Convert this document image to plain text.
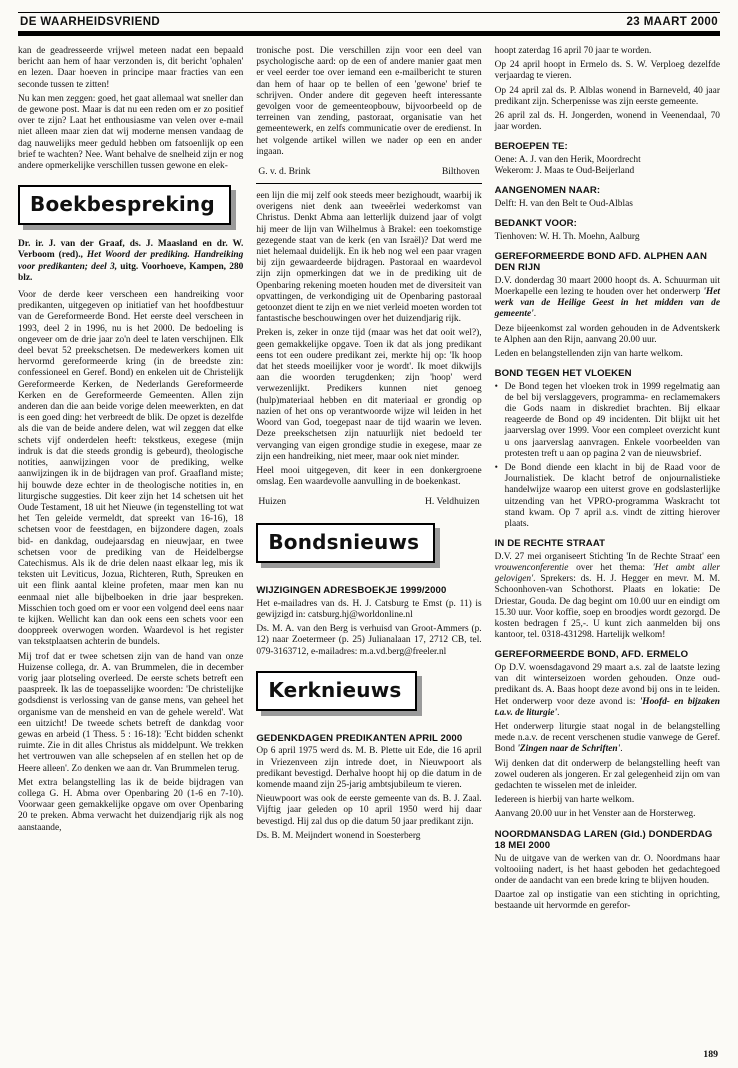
DE WAARHEIDSVRIEND	23 MAART 2000

kan de geadresseerde vrijwel meteen nadat een bepaald bericht aan hem of haar verzonden is, dit bericht 'ophalen' en lezen. Daar hoeven in principe maar fracties van een seconde tussen te zitten!

Nu kan men zeggen: goed, het gaat allemaal wat sneller dan de gewone post. Maar is dat nu een reden om er zo positief over te zijn? Laat het enthousiasme van velen over e-mail niet alleen maar zien dat wij moderne mensen vandaag de dag nauwelijks meer geduld hebben om fatsoenlijk op een brief te wachten? Nee. Want behalve de snelheid zijn er nog andere opmerkelijke verschillen tussen gewone en elek-

Boekbespreking

Dr. ir. J. van der Graaf, ds. J. Maasland en dr. W. Verboom (red)., Het Woord der prediking. Handreiking voor predikanten; deel 3, uitg. Voorhoeve, Kampen, 280 blz.

Voor de derde keer verscheen een handreiking voor predikanten, uitgegeven op initiatief van het hoofdbestuur van de Gereformeerde Bond. Het eerste deel verscheen in 1993, deel 2 in 1996, nu is het 2000. De bedoeling is ongeveer om de drie jaar zo'n deel te laten verschijnen. Elk deel bevat 52 preekschetsen. De medewerkers komen uit hervormd gereformeerde kring (in de breedste zin: confessioneel en Geref. Bond) en enkelen uit de Christelijk Gereformeerde Kerken, de Nederlands Gereformeerde Kerken en de Gereformeerde Gemeenten. Allen zijn anderen dan die aan beide vorige delen meewerkten, en dat is een goed ding: het verbreedt de blik. De opzet is dezelfde als die van de beide andere delen, wat wil zeggen dat elke schets vijf onderdelen heeft: tekstkeus, exegese (mijn indruk is dat die steeds grondig is gebeurd), theologische notities, aanwijzingen voor de prediking, welke aanwijzingen ik in de bijdragen van prof. Graafland miste; hij bouwde deze echter in de theologische notities in, en liturgische suggesties. Dit keer zijn het 14 schetsen uit het Oude Testament, 18 uit het Nieuwe (in tegenstelling tot wat het Ten geleide vermeldt, dat spreekt van 16-16), 18 schetsen voor de feestdagen, en bijzondere dagen, zoals bid- en dankdag, oudejaarsdag en nieuwjaar, en twee schetsen voor de prediking van de Heidelbergse Catechismus. Als ik de drie delen naast elkaar leg, mis ik teksten uit Leviticus, Jozua, Richteren, Ruth, Spreuken en uit een flink aantal kleine profeten, maar men kan nu eenmaal niet alle bijbelboeken in drie jaar bespreken. Misschien toch goed om er voor een volgend deel eens naar te kijken. Wellicht kan dan ook eens een schets voor een dooppreek overwogen worden. Waardevol is het register van tekstplaatsen achterin de bundels.

Mij trof dat er twee schetsen zijn van de hand van onze Huizense collega, dr. A. van Brummelen, die in december vorig jaar plotseling overleed. De eerste schets betreft een paaspreek. Ik las de toepasselijke woorden: 'De christelijke godsdienst is verlossing van de ganse mens, van geheel het organisme van de mensheid en van de gehele wereld'. Wat een uitzicht! De tweede schets betreft de dankdag voor gewas en arbeid (1 Thess. 5 : 16-18): 'Echt bidden schenkt ruimte. Zie in dit alles Christus als middelpunt. We trekken het vertrouwen van alle schepselen af en stellen het op de Heere alleen'. Zo denken we aan dr. Van Brummelen terug.

Met extra belangstelling las ik de beide bijdragen van collega G. H. Abma over Openbaring 20 (1-6 en 7-10). Voorwaar geen gemakkelijke opgave om over Openbaring 20 te preken. Abma verwacht het duizendjarig rijk als nog aanstaande,

tronische post. Die verschillen zijn voor een deel van psychologische aard: op de een of andere manier gaat men er veel eerder toe over iemand een e-mailbericht te sturen dan hem of haar op te bellen of een 'gewone' brief te schrijven. Onder andere dit gegeven heeft interessante gevolgen voor de gemeenteopbouw, bijvoorbeeld op de terreinen van zending, pastoraat, organisatie van het gemeentewerk, en zelfs communicatie over de eredienst. In het volgende artikel willen we nader op een en ander ingaan.

G. v. d. Brink	Bilthoven

een lijn die mij zelf ook steeds meer bezighoudt, waarbij ik overigens niet denk aan tweeërlei wederkomst van Christus. Denkt Abma aan letterlijk duizend jaar of volgt hij meer de lijn van Wilhelmus à Brakel: een toekomstige gezegende staat van de kerk (en van Israël)? Dat werd me niet helemaal duidelijk. En ik heb nog wel een paar vragen bij zijn gewaardeerde bijdragen. Pastoraal en waardevol zijn zijn opmerkingen dat we in de prediking uit de Openbaring rekening moeten houden met de diversiteit van opvattingen, de verkondiging uit de Openbaring pastoraal getoonzet dient te zijn en we niet verleid moeten worden tot fantastische beschouwingen over het duizendjarig rijk.

Preken is, zeker in onze tijd (maar was het dat ooit wel?), geen gemakkelijke opgave. Toen ik dat als jong predikant eens tot een oudere predikant zei, merkte hij op: 'Ik hoop dat het steeds moeilijker voor je wordt'. Ik moet dikwijls aan die woorden terugdenken; zijn 'hoop' werd verwezenlijkt. Predikers kunnen niet genoeg (hulp)materiaal hebben en dit materiaal er grondig op nazien of het ons op verantwoorde wijze wil leiden in het Woord van God, toegepast naar de tijd waarin we leven. Deze preekschetsen zijn natuurlijk niet bedoeld ter vervanging van eigen grondige studie in exegese, maar ze zijn een handreiking, niet meer, maar ook niet minder.

Heel mooi uitgegeven, dit keer in een donkergroene omslag. Een waardevolle aanvulling in de boekenkast.

Huizen	H. Veldhuizen
Bondsnieuws
WIJZIGINGEN ADRESBOEKJE 1999/2000

Het e-mailadres van ds. H. J. Catsburg te Emst (p. 11) is gewijzigd in: catsburg.hj@worldonline.nl

Ds. M. A. van den Berg is verhuisd van Groot-Ammers (p. 12) naar Zoetermeer (p. 25) Julianalaan 17, 2712 CB, tel. 079-3163712, e-mailadres: m.a.vd.berg@freeler.nl

Kerknieuws
GEDENKDAGEN PREDIKANTEN APRIL 2000

Op 6 april 1975 werd ds. M. B. Plette uit Ede, die 16 april in Vriezenveen zijn intrede doet, in Nieuwpoort als predikant bevestigd. Derhalve hoopt hij op die datum in de komende maand zijn 25-jarig ambtsjubileum te vieren.

Nieuwpoort was ook de eerste gemeente van ds. B. J. Zaal. Vijftig jaar geleden op 10 april 1950 werd hij daar bevestigd. Hij zal dus op die datum 50 jaar predikant zijn.

Ds. B. M. Meijndert wonend in Soesterberg

hoopt zaterdag 16 april 70 jaar te worden.

Op 24 april hoopt in Ermelo ds. S. W. Verploeg dezelfde verjaardag te vieren.

Op 24 april zal ds. P. Alblas wonend in Barneveld, 40 jaar predikant zijn. Scherpenisse was zijn eerste gemeente.

26 april zal ds. H. Jongerden, wonend in Veenendaal, 70 jaar worden.

BEROEPEN TE:
Oene: A. J. van den Herik, Moordrecht
Wekerom: J. Maas te Oud-Beijerland
AANGENOMEN NAAR:
Delft: H. van den Belt te Oud-Alblas
BEDANKT VOOR:
Tienhoven: W. H. Th. Moehn, Aalburg
GEREFORMEERDE BOND AFD. ALPHEN AAN DEN RIJN

D.V. donderdag 30 maart 2000 hoopt ds. A. Schuurman uit Moerkapelle een lezing te houden over het onderwerp 'Het werk van de Heilige Geest in het midden van de gemeente'.

Deze bijeenkomst zal worden gehouden in de Adventskerk te Alphen aan den Rijn, aanvang 20.00 uur.

Leden en belangstellenden zijn van harte welkom.

BOND TEGEN HET VLOEKEN
• De Bond tegen het vloeken trok in 1999 regelmatig aan de bel bij verslaggevers, programma- en reclamemakers die Gods naam in diskrediet brachten. Bij elkaar reageerde de Bond op 49 incidenten. Dit blijkt uit het jaarverslag over 1999. Voor een compleet overzicht kunt u ons jaarverslag aanvragen. Enkele voorbeelden van protesten treft u aan op pagina 2 van de nieuwsbrief.
• De Bond diende een klacht in bij de Raad voor de Journalistiek. De klacht betrof de onjournalistieke handelwijze waarop een uiterst grove en godslasterlijke uitzending van het VPRO-programma Waskracht tot stand kwam. Op 7 april a.s. vindt de zitting hierover plaats.
IN DE RECHTE STRAAT

D.V. 27 mei organiseert Stichting 'In de Rechte Straat' een vrouwenconferentie over het thema: 'Het ambt aller gelovigen'. Sprekers: ds. H. J. Hegger en mevr. M. M. Schoonhoven-van Schothorst. Plaats en lokatie: De Driestar, Gouda. De dag begint om 10.00 uur en eindigt om 15.30 uur. Voor koffie, soep en broodjes wordt gezorgd. De kosten bedragen f 25,-. U kunt zich aanmelden bij ons kantoor, tel. 0318-431298. Hartelijk welkom!

GEREFORMEERDE BOND, AFD. ERMELO

Op D.V. woensdagavond 29 maart a.s. zal de laatste lezing van dit winterseizoen worden gehouden. Onze oud-predikant ds. A. Baas hoopt deze avond bij ons in te leiden. Het onderwerp voor deze avond is: 'Hoofd- en bijzaken t.a.v. de liturgie'.

Het onderwerp liturgie staat nogal in de belangstelling mede n.a.v. de recent verschenen studie vanwege de Geref. Bond 'Zingen naar de Schriften'.

Wij denken dat dit onderwerp de belangstelling heeft van zowel ouderen als jongeren. Er zal gelegenheid zijn om van gedachten te wisselen met de inleider.

Iedereen is hierbij van harte welkom.

Aanvang 20.00 uur in het Venster aan de Horsterweg.

NOORDMANSDAG LAREN (Gld.) DONDERDAG 18 MEI 2000

Nu de uitgave van de werken van dr. O. Noordmans haar voltooiing nadert, is het haast geboden het gedachtegoed onder de aandacht van een brede kring te blijven houden.

Daartoe zal op instigatie van een stichting in oprichting, bestaande uit hervormde en gerefor-

189
